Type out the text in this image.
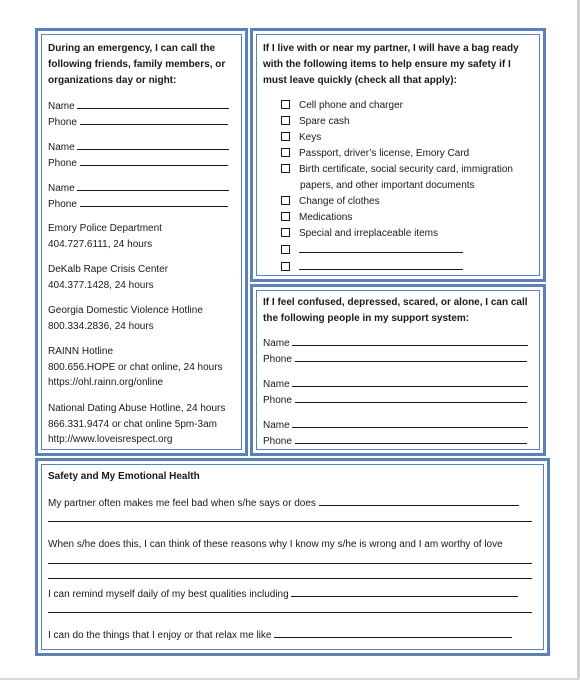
During an emergency, I can call the following friends, family members, or organizations day or night:
Name
Phone
Name
Phone
Name
Phone
Emory Police Department
404.727.6111, 24 hours
DeKalb Rape Crisis Center
404.377.1428, 24 hours
Georgia Domestic Violence Hotline
800.334.2836, 24 hours
RAINN Hotline
800.656.HOPE or chat online, 24 hours
https://ohl.rainn.org/online
National Dating Abuse Hotline, 24 hours
866.331.9474 or chat online 5pm-3am
http://www.loveisrespect.org
If I live with or near my partner, I will have a bag ready with the following items to help ensure my safety if I must leave quickly (check all that apply):
Cell phone and charger
Spare cash
Keys
Passport, driver’s license, Emory Card
Birth certificate, social security card, immigration
papers, and other important documents
Change of clothes
Medications
Special and irreplaceable items
If I feel confused, depressed, scared, or alone, I can call the following people in my support system:
Name
Phone
Name
Phone
Name
Phone
Safety and My Emotional Health
My partner often makes me feel bad when s/he says or does
When s/he does this, I can think of these reasons why I know my s/he is wrong and I am worthy of love
I can remind myself daily of my best qualities including
I can do the things that I enjoy or that relax me like
